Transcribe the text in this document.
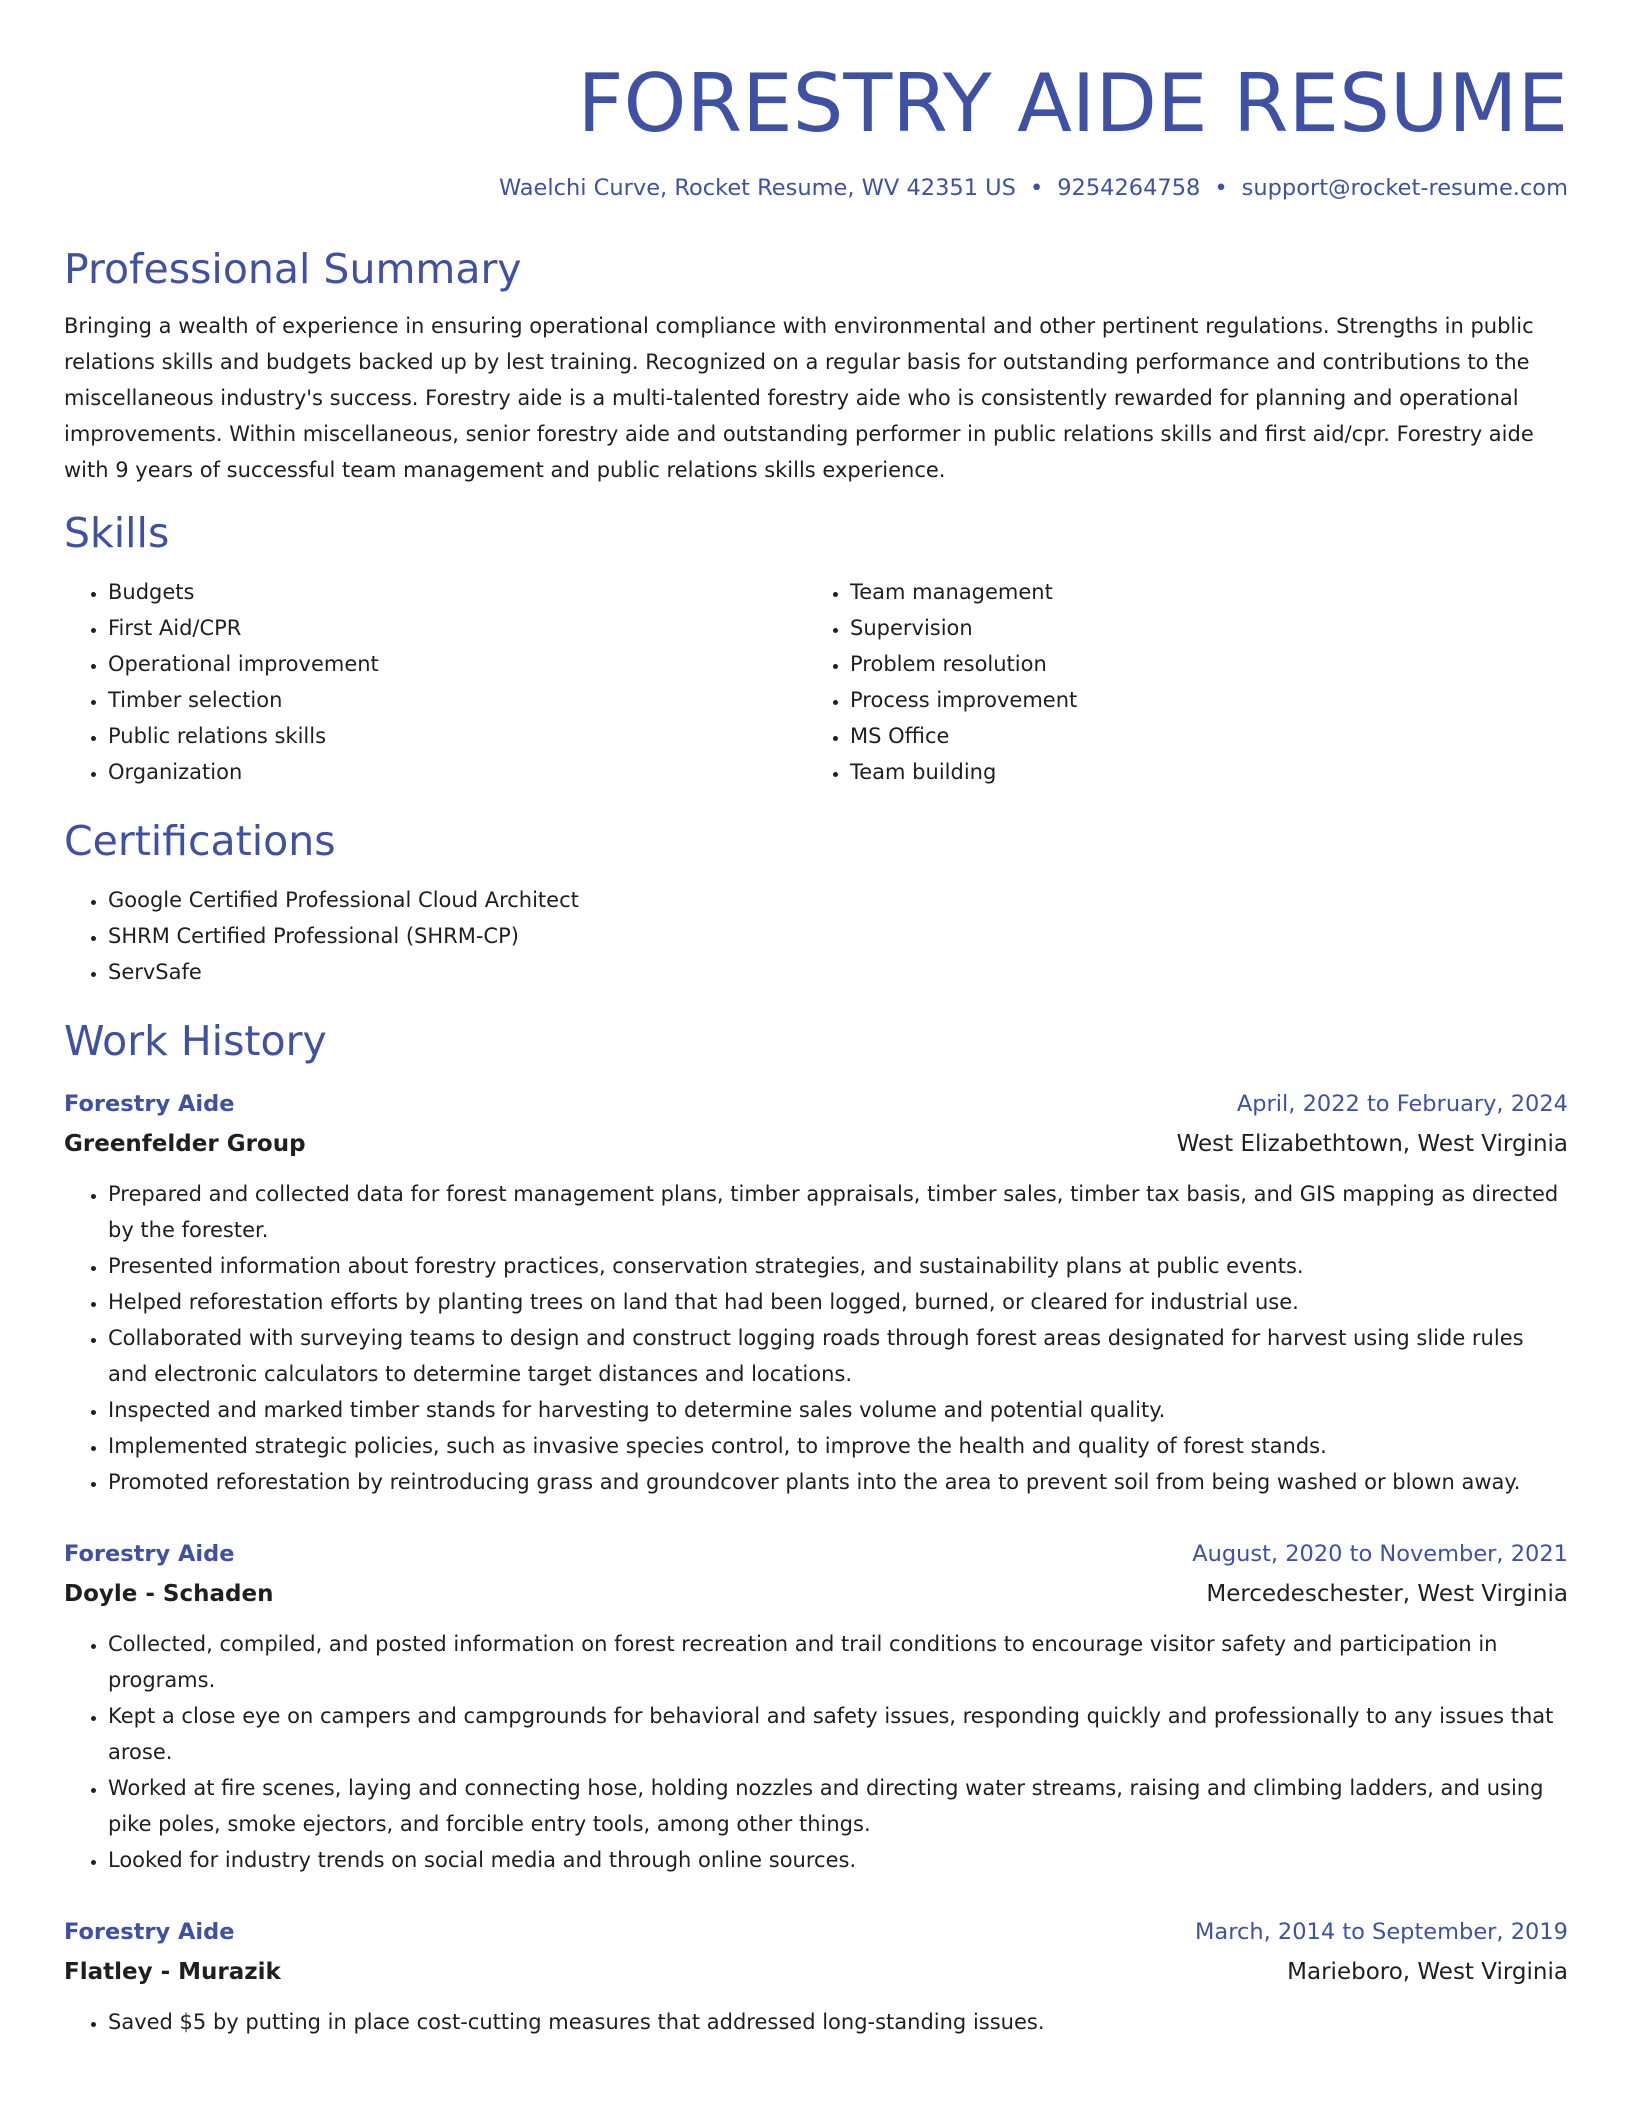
FORESTRY AIDE RESUME
Waelchi Curve, Rocket Resume, WV 42351 US • 9254264758 • support@rocket-resume.com
Professional Summary

Bringing a wealth of experience in ensuring operational compliance with environmental and other pertinent regulations. Strengths in public relations skills and budgets backed up by lest training. Recognized on a regular basis for outstanding performance and contributions to the miscellaneous industry's success. Forestry aide is a multi-talented forestry aide who is consistently rewarded for planning and operational improvements. Within miscellaneous, senior forestry aide and outstanding performer in public relations skills and first aid/cpr. Forestry aide with 9 years of successful team management and public relations skills experience.

Skills
• Budgets
• First Aid/CPR
• Operational improvement
• Timber selection
• Public relations skills
• Organization
• Team management
• Supervision
• Problem resolution
• Process improvement
• MS Office
• Team building
Certifications
• Google Certified Professional Cloud Architect
• SHRM Certified Professional (SHRM-CP)
• ServSafe
Work History
Forestry Aide	April, 2022 to February, 2024
Greenfelder Group	West Elizabethtown, West Virginia
• Prepared and collected data for forest management plans, timber appraisals, timber sales, timber tax basis, and GIS mapping as directed by the forester.
• Presented information about forestry practices, conservation strategies, and sustainability plans at public events.
• Helped reforestation efforts by planting trees on land that had been logged, burned, or cleared for industrial use.
• Collaborated with surveying teams to design and construct logging roads through forest areas designated for harvest using slide rules and electronic calculators to determine target distances and locations.
• Inspected and marked timber stands for harvesting to determine sales volume and potential quality.
• Implemented strategic policies, such as invasive species control, to improve the health and quality of forest stands.
• Promoted reforestation by reintroducing grass and groundcover plants into the area to prevent soil from being washed or blown away.
Forestry Aide	August, 2020 to November, 2021
Doyle - Schaden	Mercedeschester, West Virginia
• Collected, compiled, and posted information on forest recreation and trail conditions to encourage visitor safety and participation in programs.
• Kept a close eye on campers and campgrounds for behavioral and safety issues, responding quickly and professionally to any issues that arose.
• Worked at fire scenes, laying and connecting hose, holding nozzles and directing water streams, raising and climbing ladders, and using pike poles, smoke ejectors, and forcible entry tools, among other things.
• Looked for industry trends on social media and through online sources.
Forestry Aide	March, 2014 to September, 2019
Flatley - Murazik	Marieboro, West Virginia
• Saved $5 by putting in place cost-cutting measures that addressed long-standing issues.
